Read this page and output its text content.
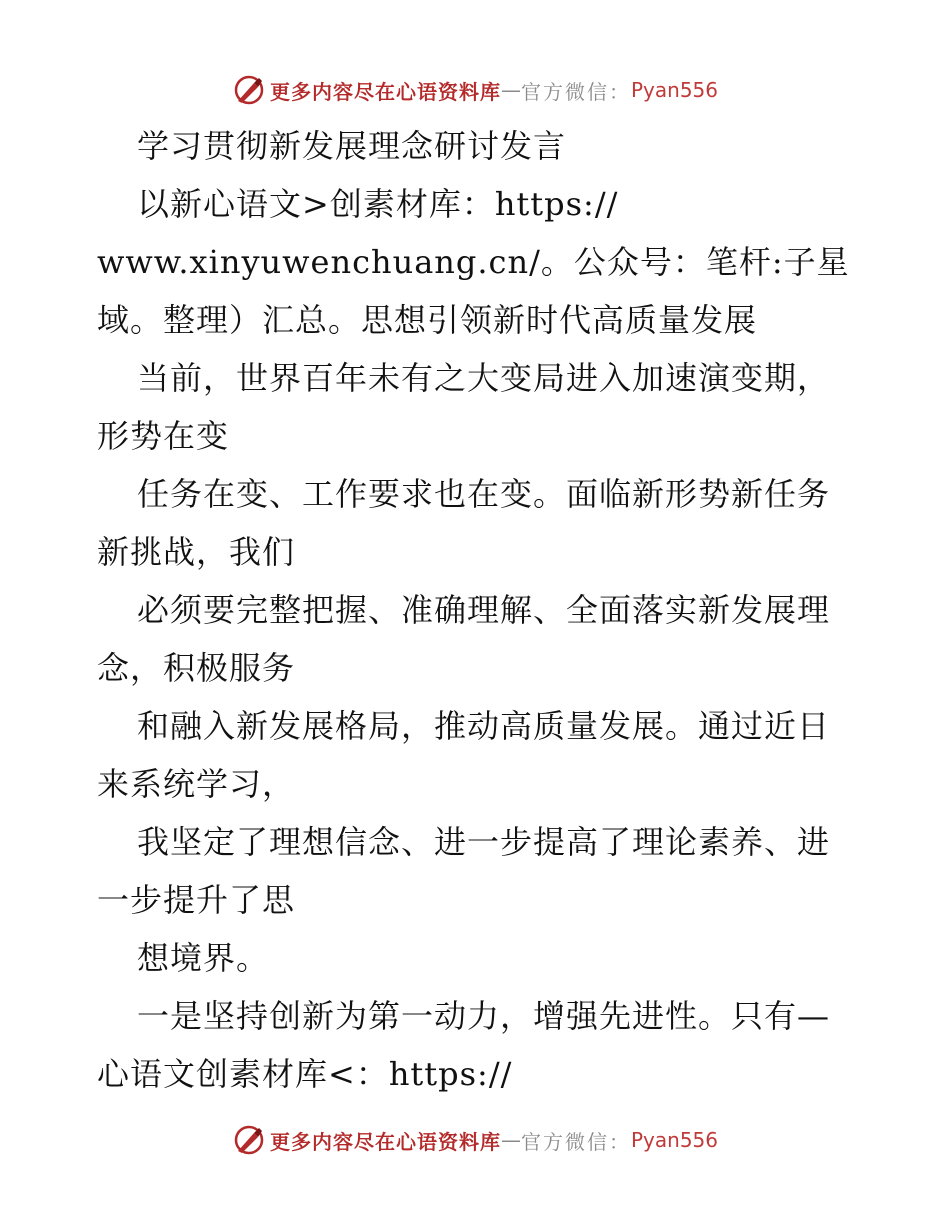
更多内容尽在心语资料库 — 官方微信： Pyan556
学习贯彻新发展理念研讨发言
以新心语文>创素材库：https://
www.xinyuwenchuang.cn/。公众号：笔杆:子星
域。整理）汇总。思想引领新时代高质量发展
当前，世界百年未有之大变局进入加速演变期，
形势在变
任务在变、工作要求也在变。面临新形势新任务
新挑战，我们
必须要完整把握、准确理解、全面落实新发展理
念，积极服务
和融入新发展格局，推动高质量发展。通过近日
来系统学习，
我坚定了理想信念、进一步提高了理论素养、进
一步提升了思
想境界。
一是坚持创新为第一动力，增强先进性。只有—
心语文创素材库<：https://
更多内容尽在心语资料库 — 官方微信： Pyan556
